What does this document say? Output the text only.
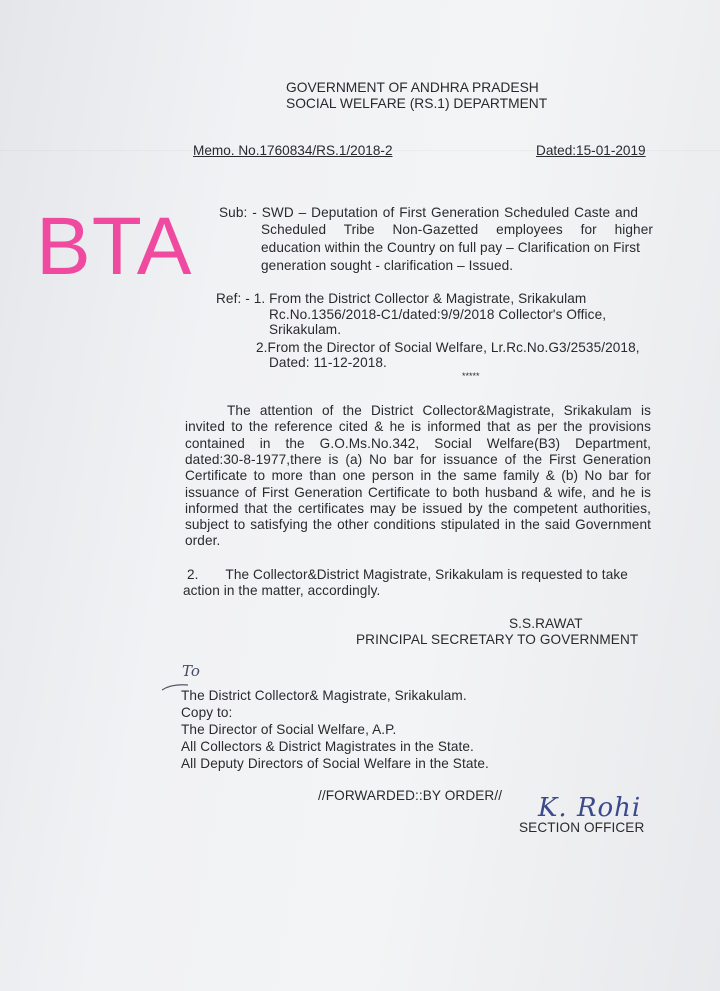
GOVERNMENT OF ANDHRA PRADESH
SOCIAL WELFARE (RS.1) DEPARTMENT
Memo. No.1760834/RS.1/2018-2	Dated:15-01-2019
BTA Sub: - SWD – Deputation of First Generation Scheduled Caste and
Scheduled Tribe Non-Gazetted employees for higher
education within the Country on full pay – Clarification on First
generation sought - clarification – Issued.
Ref: - 1. From the District Collector & Magistrate, Srikakulam
Rc.No.1356/2018-C1/dated:9/9/2018 Collector's Office,
Srikakulam.
2.From the Director of Social Welfare, Lr.Rc.No.G3/2535/2018,
Dated: 11-12-2018.
*****
The attention of the District Collector&Magistrate, Srikakulam is
invited to the reference cited & he is informed that as per the provisions
contained in the G.O.Ms.No.342, Social Welfare(B3) Department,
dated:30-8-1977,there is (a) No bar for issuance of the First Generation
Certificate to more than one person in the same family & (b) No bar for
issuance of First Generation Certificate to both husband & wife, and he is
informed that the certificates may be issued by the competent authorities,
subject to satisfying the other conditions stipulated in the said Government
order.
2.       The Collector&District Magistrate, Srikakulam is requested to take
action in the matter, accordingly.
S.S.RAWAT
PRINCIPAL SECRETARY TO GOVERNMENT
To
The District Collector& Magistrate, Srikakulam.
Copy to:
The Director of Social Welfare, A.P.
All Collectors & District Magistrates in the State.
All Deputy Directors of Social Welfare in the State.
//FORWARDED::BY ORDER// K. Rohi
SECTION OFFICER
